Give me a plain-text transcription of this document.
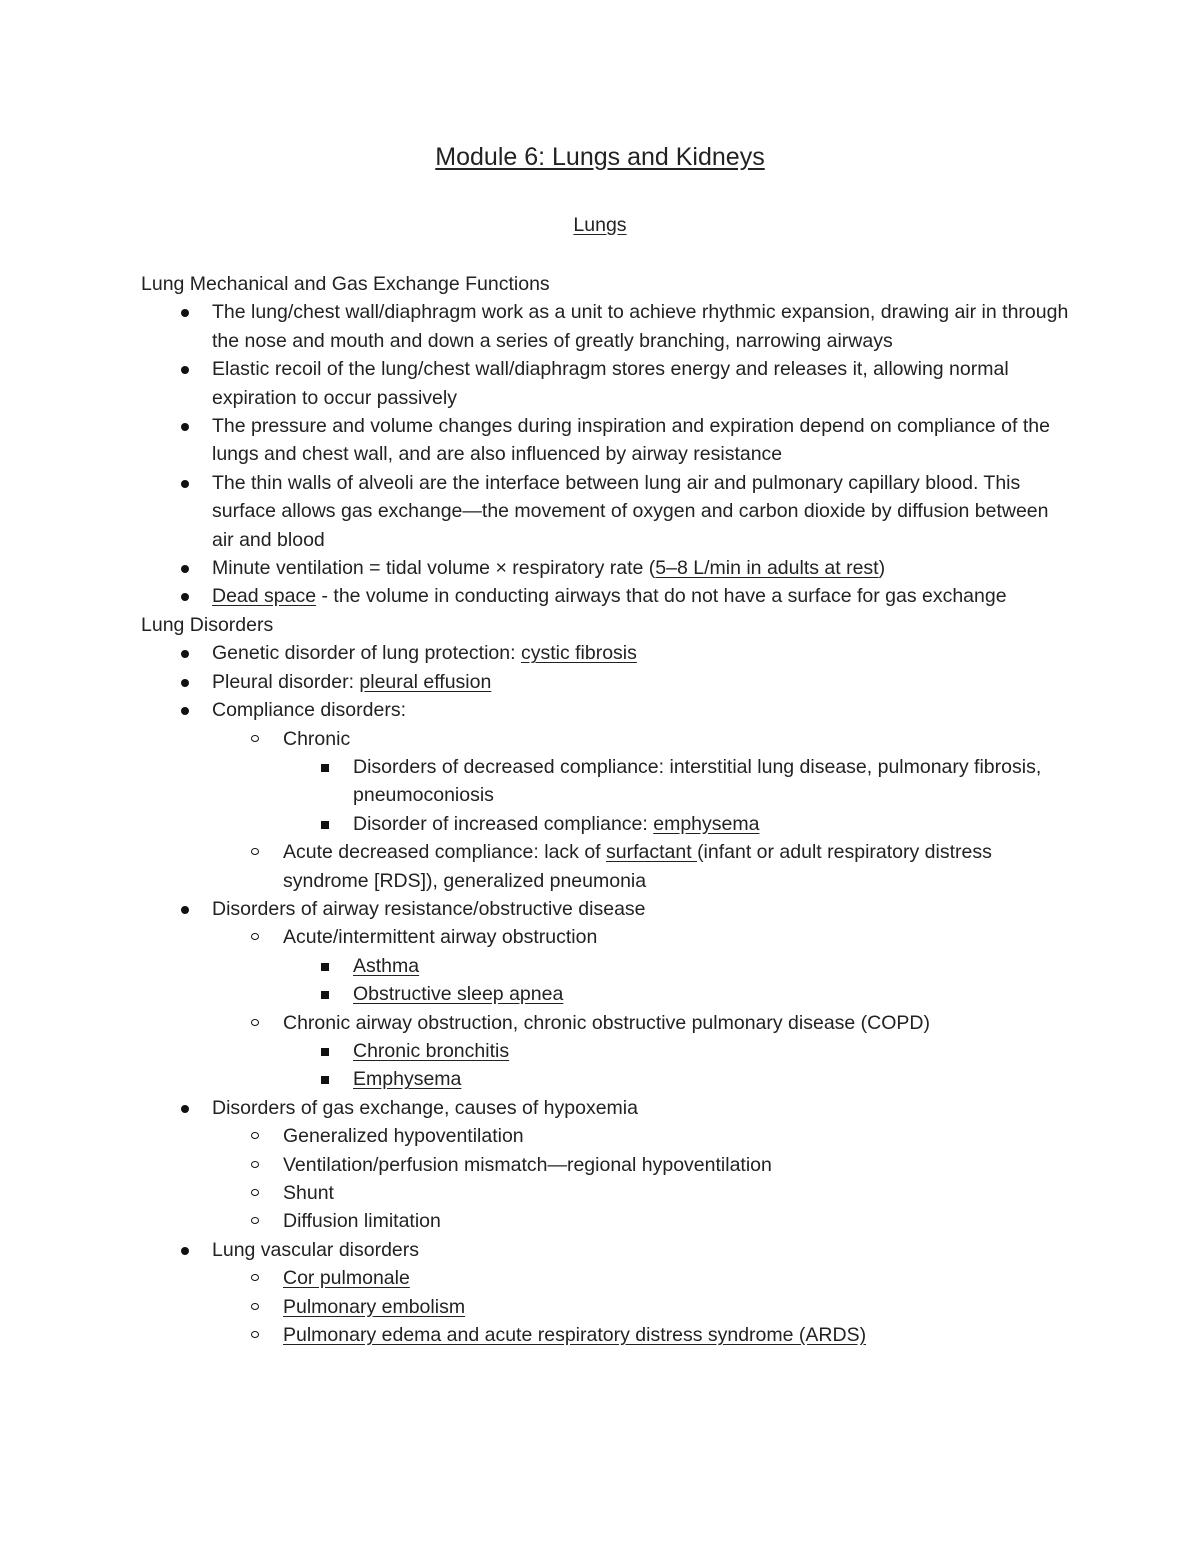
Module 6: Lungs and Kidneys
Lungs

Lung Mechanical and Gas Exchange Functions

The lung/chest wall/diaphragm work as a unit to achieve rhythmic expansion, drawing air in through the nose and mouth and down a series of greatly branching, narrowing airways
Elastic recoil of the lung/chest wall/diaphragm stores energy and releases it, allowing normal expiration to occur passively
The pressure and volume changes during inspiration and expiration depend on compliance of the lungs and chest wall, and are also influenced by airway resistance
The thin walls of alveoli are the interface between lung air and pulmonary capillary blood. This surface allows gas exchange—the movement of oxygen and carbon dioxide by diffusion between air and blood
Minute ventilation = tidal volume × respiratory rate (5–8 L/min in adults at rest)
Dead space - the volume in conducting airways that do not have a surface for gas exchange

Lung Disorders

Genetic disorder of lung protection: cystic fibrosis
Pleural disorder: pleural effusion
Compliance disorders:
Chronic
Disorders of decreased compliance: interstitial lung disease, pulmonary fibrosis, pneumoconiosis
Disorder of increased compliance: emphysema
Acute decreased compliance: lack of surfactant (infant or adult respiratory distress syndrome [RDS]), generalized pneumonia
Disorders of airway resistance/obstructive disease
Acute/intermittent airway obstruction
Asthma
Obstructive sleep apnea
Chronic airway obstruction, chronic obstructive pulmonary disease (COPD)
Chronic bronchitis
Emphysema
Disorders of gas exchange, causes of hypoxemia
Generalized hypoventilation
Ventilation/perfusion mismatch—regional hypoventilation
Shunt
Diffusion limitation
Lung vascular disorders
Cor pulmonale
Pulmonary embolism
Pulmonary edema and acute respiratory distress syndrome (ARDS)
